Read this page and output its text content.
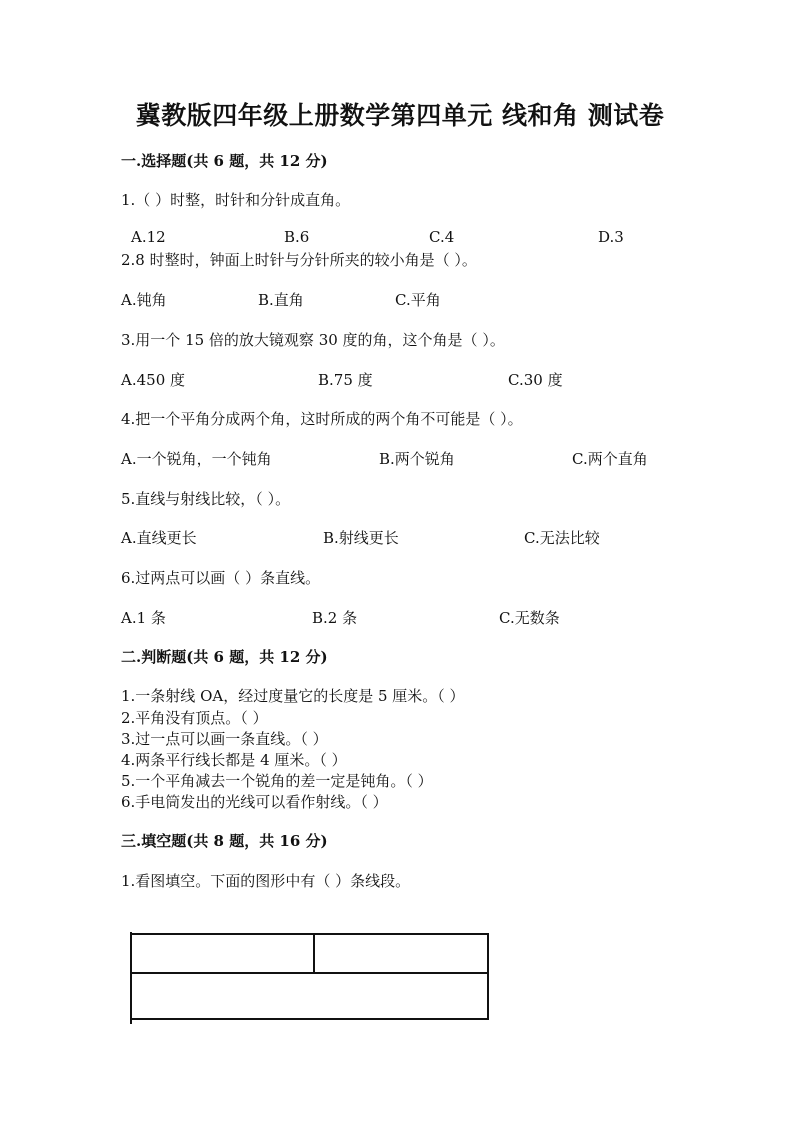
冀教版四年级上册数学第四单元 线和角 测试卷
一.选择题(共 6 题，共 12 分)
1.（ ）时整，时针和分针成直角。
A.12	B.6	C.4	D.3
2.8 时整时，钟面上时针与分针所夹的较小角是（ ）。
A.钝角	B.直角	C.平角
3.用一个 15 倍的放大镜观察 30 度的角，这个角是（ ）。
A.450 度	B.75 度	C.30 度
4.把一个平角分成两个角，这时所成的两个角不可能是（ ）。
A.一个锐角，一个钝角	B.两个锐角	C.两个直角
5.直线与射线比较，（ ）。
A.直线更长	B.射线更长	C.无法比较
6.过两点可以画（ ）条直线。
A.1 条	B.2 条	C.无数条
二.判断题(共 6 题，共 12 分)
1.一条射线 OA，经过度量它的长度是 5 厘米。（ ）
2.平角没有顶点。（ ）
3.过一点可以画一条直线。（ ）
4.两条平行线长都是 4 厘米。（ ）
5.一个平角减去一个锐角的差一定是钝角。（ ）
6.手电筒发出的光线可以看作射线。（ ）
三.填空题(共 8 题，共 16 分)
1.看图填空。下面的图形中有（ ）条线段。
